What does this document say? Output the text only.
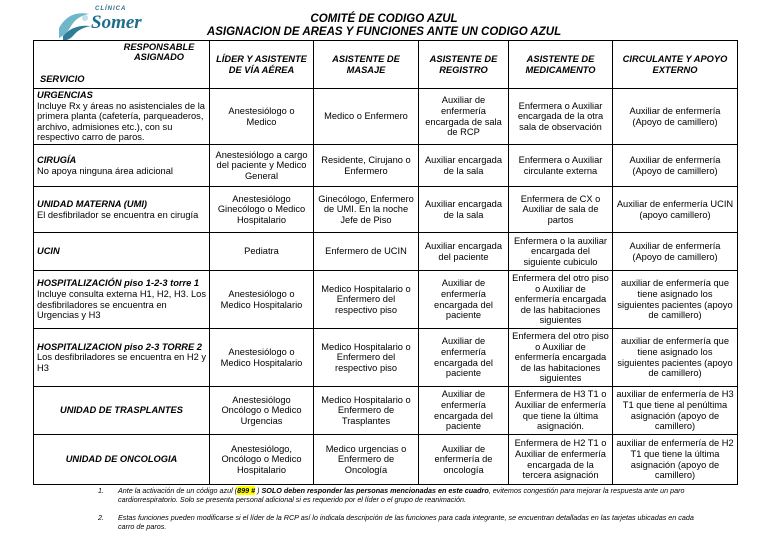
CLÍNICA
Somer	COMITÉ DE CODIGO AZUL
ASIGNACION DE AREAS Y FUNCIONES ANTE UN CODIGO AZUL
RESPONSABLE
ASIGNADO
SERVICIO	LÍDER Y ASISTENTE DE VÍA AÉREA	ASISTENTE DE MASAJE	ASISTENTE DE REGISTRO	ASISTENTE DE MEDICAMENTO	CIRCULANTE Y APOYO EXTERNO

URGENCIAS
Incluye Rx y áreas no asistenciales de la primera planta (cafetería, parqueaderos, archivo, admisiones etc.), con su respectivo carro de paros.	Anestesiólogo o Medico	Medico o Enfermero	Auxiliar de enfermería encargada de sala de RCP	Enfermera o Auxiliar encargada de la otra sala de observación	Auxiliar de enfermería (Apoyo de camillero)

CIRUGÍA
No apoya ninguna área adicional	Anestesiólogo a cargo del paciente y Medico General	Residente, Cirujano o Enfermero	Auxiliar encargada de la sala	Enfermera o Auxiliar circulante externa	Auxiliar de enfermería (Apoyo de camillero)

UNIDAD MATERNA (UMI)
El desfibrilador se encuentra en cirugía	Anestesiólogo Ginecólogo o Medico Hospitalario	Ginecólogo, Enfermero de UMI. En la noche Jefe de Piso	Auxiliar encargada de la sala	Enfermera de CX o Auxiliar de sala de partos	Auxiliar de enfermería UCIN (apoyo camillero)

UCIN	Pediatra	Enfermero de UCIN	Auxiliar encargada del paciente	Enfermera o la auxiliar encargada del siguiente cubiculo	Auxiliar de enfermería (Apoyo de camillero)

HOSPITALIZACIÓN piso 1-2-3 torre 1
Incluye consulta externa H1, H2, H3. Los desfibriladores se encuentra en Urgencias y H3	Anestesiólogo o Medico Hospitalario	Medico Hospitalario o Enfermero del respectivo piso	Auxiliar de enfermería encargada del paciente	Enfermera del otro piso o Auxiliar de enfermería encargada de las habitaciones siguientes	auxiliar de enfermería que tiene asignado los siguientes pacientes (apoyo de camillero)

HOSPITALIZACION piso 2-3 TORRE 2
Los desfibriladores se encuentra en H2 y H3	Anestesiólogo o Medico Hospitalario	Medico Hospitalario o Enfermero del respectivo piso	Auxiliar de enfermería encargada del paciente	Enfermera del otro piso o Auxiliar de enfermería encargada de las habitaciones siguientes	auxiliar de enfermería que tiene asignado los siguientes pacientes (apoyo de camillero)

UNIDAD DE TRASPLANTES	Anestesiólogo Oncólogo o Medico Urgencias	Medico Hospitalario o Enfermero de Trasplantes	Auxiliar de enfermería encargada del paciente	Enfermera de H3 T1 o Auxiliar de enfermería que tiene la última asignación.	auxiliar de enfermería de H3 T1 que tiene al penúltima asignación (apoyo de camillero)

UNIDAD DE ONCOLOGIA	Anestesiólogo, Oncólogo o Medico Hospitalario	Medico urgencias o Enfermero de Oncología	Auxiliar de enfermería de oncología	Enfermera de H2 T1 o Auxiliar de enfermería encargada de la tercera asignación	auxiliar de enfermería de H2 T1 que tiene la última asignación (apoyo de camillero)
1. Ante la activación de un código azul (899 # ) SOLO deben responder las personas mencionadas en este cuadro, evitemos congestión para mejorar la respuesta ante un paro cardiorrespiratorio. Solo se presenta personal adicional si es requerido por el líder o el grupo de reanimación.
2. Estas funciones pueden modificarse si el líder de la RCP así lo indicala descripción de las funciones para cada integrante, se encuentran detalladas en las tarjetas ubicadas en cada carro de paros.
